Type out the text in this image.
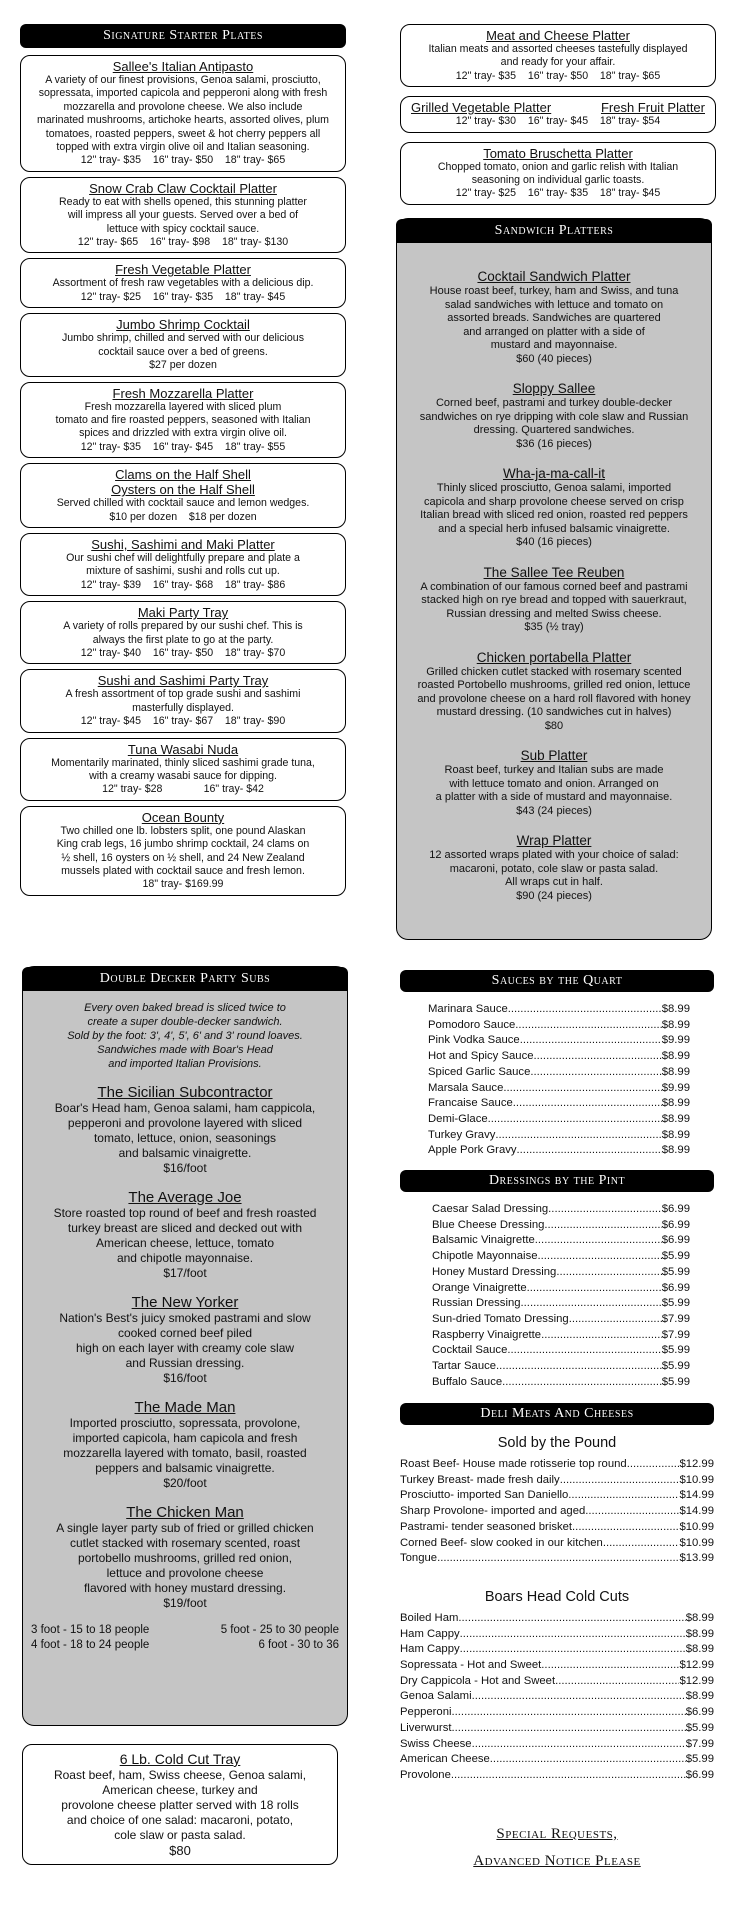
Signature Starter Plates
Sallee's Italian Antipasto
A variety of our finest provisions, Genoa salami, prosciutto,
sopressata, imported capicola and pepperoni along with fresh
mozzarella and provolone cheese. We also include
marinated mushrooms, artichoke hearts, assorted olives, plum
tomatoes, roasted peppers, sweet & hot cherry peppers all
topped with extra virgin olive oil and Italian seasoning.
12" tray- $35    16" tray- $50    18" tray- $65
Snow Crab Claw Cocktail Platter
Ready to eat with shells opened, this stunning platter
will impress all your guests. Served over a bed of
lettuce with spicy cocktail sauce.
12" tray- $65    16" tray- $98    18" tray- $130
Fresh Vegetable Platter
Assortment of fresh raw vegetables with a delicious dip.
12" tray- $25    16" tray- $35    18" tray- $45
Jumbo Shrimp Cocktail
Jumbo shrimp, chilled and served with our delicious
cocktail sauce over a bed of greens.
$27 per dozen
Fresh Mozzarella Platter
Fresh mozzarella layered with sliced plum
tomato and fire roasted peppers, seasoned with Italian
spices and drizzled with extra virgin olive oil.
12" tray- $35    16" tray- $45    18" tray- $55
Clams on the Half Shell
Oysters on the Half Shell
Served chilled with cocktail sauce and lemon wedges.
$10 per dozen    $18 per dozen
Sushi, Sashimi and Maki Platter
Our sushi chef will delightfully prepare and plate a
mixture of sashimi, sushi and rolls cut up.
12" tray- $39    16" tray- $68    18" tray- $86
Maki Party Tray
A variety of rolls prepared by our sushi chef. This is
always the first plate to go at the party.
12" tray- $40    16" tray- $50    18" tray- $70
Sushi and Sashimi Party Tray
A fresh assortment of top grade sushi and sashimi
masterfully displayed.
12" tray- $45    16" tray- $67    18" tray- $90
Tuna Wasabi Nuda
Momentarily marinated, thinly sliced sashimi grade tuna,
with a creamy wasabi sauce for dipping.
12" tray- $28              16" tray- $42
Ocean Bounty
Two chilled one lb. lobsters split, one pound Alaskan
King crab legs, 16 jumbo shrimp cocktail, 24 clams on
½ shell, 16 oysters on ½ shell, and 24 New Zealand
mussels plated with cocktail sauce and fresh lemon.
18" tray- $169.99
Double Decker Party Subs
Every oven baked bread is sliced twice to
create a super double-decker sandwich.
Sold by the foot: 3', 4', 5', 6' and 3' round loaves.
Sandwiches made with Boar's Head
and imported Italian Provisions.
The Sicilian Subcontractor
Boar's Head ham, Genoa salami, ham cappicola,
pepperoni and provolone layered with sliced
tomato, lettuce, onion, seasonings
and balsamic vinaigrette.
$16/foot
The Average Joe
Store roasted top round of beef and fresh roasted
turkey breast are sliced and decked out with
American cheese, lettuce, tomato
and chipotle mayonnaise.
$17/foot
The New Yorker
Nation's Best's juicy smoked pastrami and slow
cooked corned beef piled
high on each layer with creamy cole slaw
and Russian dressing.
$16/foot
The Made Man
Imported prosciutto, sopressata, provolone,
imported capicola, ham capicola and fresh
mozzarella layered with tomato, basil, roasted
peppers and balsamic vinaigrette.
$20/foot
The Chicken Man
A single layer party sub of fried or grilled chicken
cutlet stacked with rosemary scented, roast
portobello mushrooms, grilled red onion,
lettuce and provolone cheese
flavored with honey mustard dressing.
$19/foot
3 foot - 15 to 18 people	5 foot - 25 to 30 people
4 foot - 18 to 24 people	6 foot - 30 to 36
6 Lb. Cold Cut Tray
Roast beef, ham, Swiss cheese, Genoa salami,
American cheese, turkey and
provolone cheese platter served with 18 rolls
and choice of one salad: macaroni, potato,
cole slaw or pasta salad.
$80
Meat and Cheese Platter
Italian meats and assorted cheeses tastefully displayed
and ready for your affair.
12" tray- $35    16" tray- $50    18" tray- $65
Grilled Vegetable Platter	Fresh Fruit Platter
12" tray- $30    16" tray- $45    18" tray- $54
Tomato Bruschetta Platter
Chopped tomato, onion and garlic relish with Italian
seasoning on individual garlic toasts.
12" tray- $25    16" tray- $35    18" tray- $45
Sandwich Platters
Cocktail Sandwich Platter
House roast beef, turkey, ham and Swiss, and tuna
salad sandwiches with lettuce and tomato on
assorted breads. Sandwiches are quartered
and arranged on platter with a side of
mustard and mayonnaise.
$60 (40 pieces)
Sloppy Sallee
Corned beef, pastrami and turkey double-decker
sandwiches on rye dripping with cole slaw and Russian
dressing. Quartered sandwiches.
$36 (16 pieces)
Wha-ja-ma-call-it
Thinly sliced prosciutto, Genoa salami, imported
capicola and sharp provolone cheese served on crisp
Italian bread with sliced red onion, roasted red peppers
and a special herb infused balsamic vinaigrette.
$40 (16 pieces)
The Sallee Tee Reuben
A combination of our famous corned beef and pastrami
stacked high on rye bread and topped with sauerkraut,
Russian dressing and melted Swiss cheese.
$35 (½ tray)
Chicken portabella Platter
Grilled chicken cutlet stacked with rosemary scented
roasted Portobello mushrooms, grilled red onion, lettuce
and provolone cheese on a hard roll flavored with honey
mustard dressing. (10 sandwiches cut in halves)
$80
Sub Platter
Roast beef, turkey and Italian subs are made
with lettuce tomato and onion. Arranged on
a platter with a side of mustard and mayonnaise.
$43 (24 pieces)
Wrap Platter
12 assorted wraps plated with your choice of salad:
macaroni, potato, cole slaw or pasta salad.
All wraps cut in half.
$90 (24 pieces)
Sauces by the Quart
Marinara Sauce .....	$8.99
Pomodoro Sauce .....	$8.99
Pink Vodka Sauce .....	$9.99
Hot and Spicy Sauce .....	$8.99
Spiced Garlic Sauce .....	$8.99
Marsala Sauce .....	$9.99
Francaise Sauce .....	$8.99
Demi-Glace .....	$8.99
Turkey Gravy .....	$8.99
Apple Pork Gravy .....	$8.99
Dressings by the Pint
Caesar Salad Dressing .....	$6.99
Blue Cheese Dressing .....	$6.99
Balsamic Vinaigrette .....	$6.99
Chipotle Mayonnaise .....	$5.99
Honey Mustard Dressing .....	$5.99
Orange Vinaigrette .....	$6.99
Russian Dressing .....	$5.99
Sun-dried Tomato Dressing .....	$7.99
Raspberry Vinaigrette .....	$7.99
Cocktail Sauce .....	$5.99
Tartar Sauce .....	$5.99
Buffalo Sauce .....	$5.99
Deli Meats And Cheeses
Sold by the Pound
Roast Beef- House made rotisserie top round .....	$12.99
Turkey Breast- made fresh daily .....	$10.99
Prosciutto- imported San Daniello .....	$14.99
Sharp Provolone- imported and aged .....	$14.99
Pastrami- tender seasoned brisket .....	$10.99
Corned Beef- slow cooked in our kitchen .....	$10.99
Tongue .....	$13.99
Boars Head Cold Cuts
Boiled Ham .....	$8.99
Ham Cappy .....	$8.99
Ham Cappy .....	$8.99
Sopressata - Hot and Sweet .....	$12.99
Dry Cappicola - Hot and Sweet .....	$12.99
Genoa Salami .....	$8.99
Pepperoni .....	$6.99
Liverwurst .....	$5.99
Swiss Cheese .....	$7.99
American Cheese .....	$5.99
Provolone .....	$6.99
Special Requests,
Advanced Notice Please
